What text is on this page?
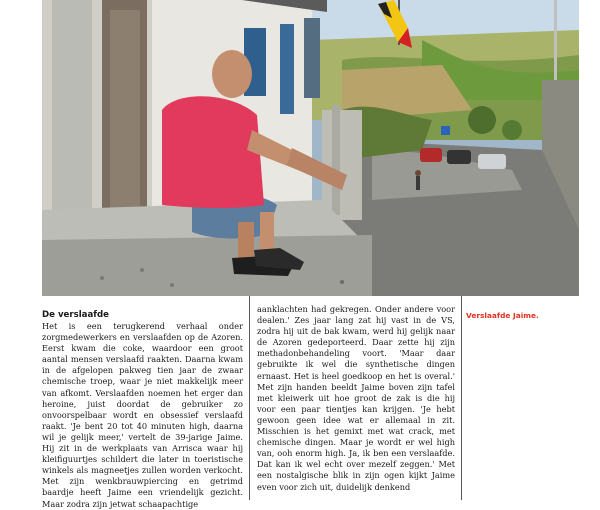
De verslaafde

Het is een terugkerend verhaal onder zorgmedewerkers en verslaafden op de Azoren. Eerst kwam die coke, waardoor een groot aantal mensen verslaafd raakten. Daarna kwam in de afgelopen pakweg tien jaar de zwaar chemische troep, waar je niet makkelijk meer van afkomt. Verslaafden noemen het erger dan heroine, juist doordat de gebruiker zo onvoorspelbaar wordt en obsessief verslaafd raakt. 'Je bent 20 tot 40 minuten high, daarna wil je gelijk meer,' vertelt de 39-jarige Jaime. Hij zit in de werkplaats van Arrisca waar hij kleifiguurtjes schildert die later in toeristische winkels als magneetjes zullen worden verkocht. Met zijn wenkbrauwpiercing en getrimd baardje heeft Jaime een vriendelijk gezicht. Maar zodra zijn jetwat schaapachtige

aanklachten had gekregen. Onder andere voor dealen.' Zes jaar lang zat hij vast in de VS, zodra hij uit de bak kwam, werd hij gelijk naar de Azoren gedeporteerd. Daar zette hij zijn methadonbehandeling voort. 'Maar daar gebruikte ik wel die synthetische dingen ernaast. Het is heel goedkoop en het is overal.' Met zijn handen beeldt Jaime boven zijn tafel met kleiwerk uit hoe groot de zak is die hij voor een paar tientjes kan krijgen. 'Je hebt gewoon geen idee wat er allemaal in zit. Misschien is het gemixt met wat crack, met chemische dingen. Maar je wordt er wel high van, ooh enorm high. Ja, ik ben een verslaafde. Dat kan ik wel echt over mezelf zeggen.' Met een nostalgische blik in zijn ogen kijkt Jaime even voor zich uit, duidelijk denkend

Verslaafde Jaime.
